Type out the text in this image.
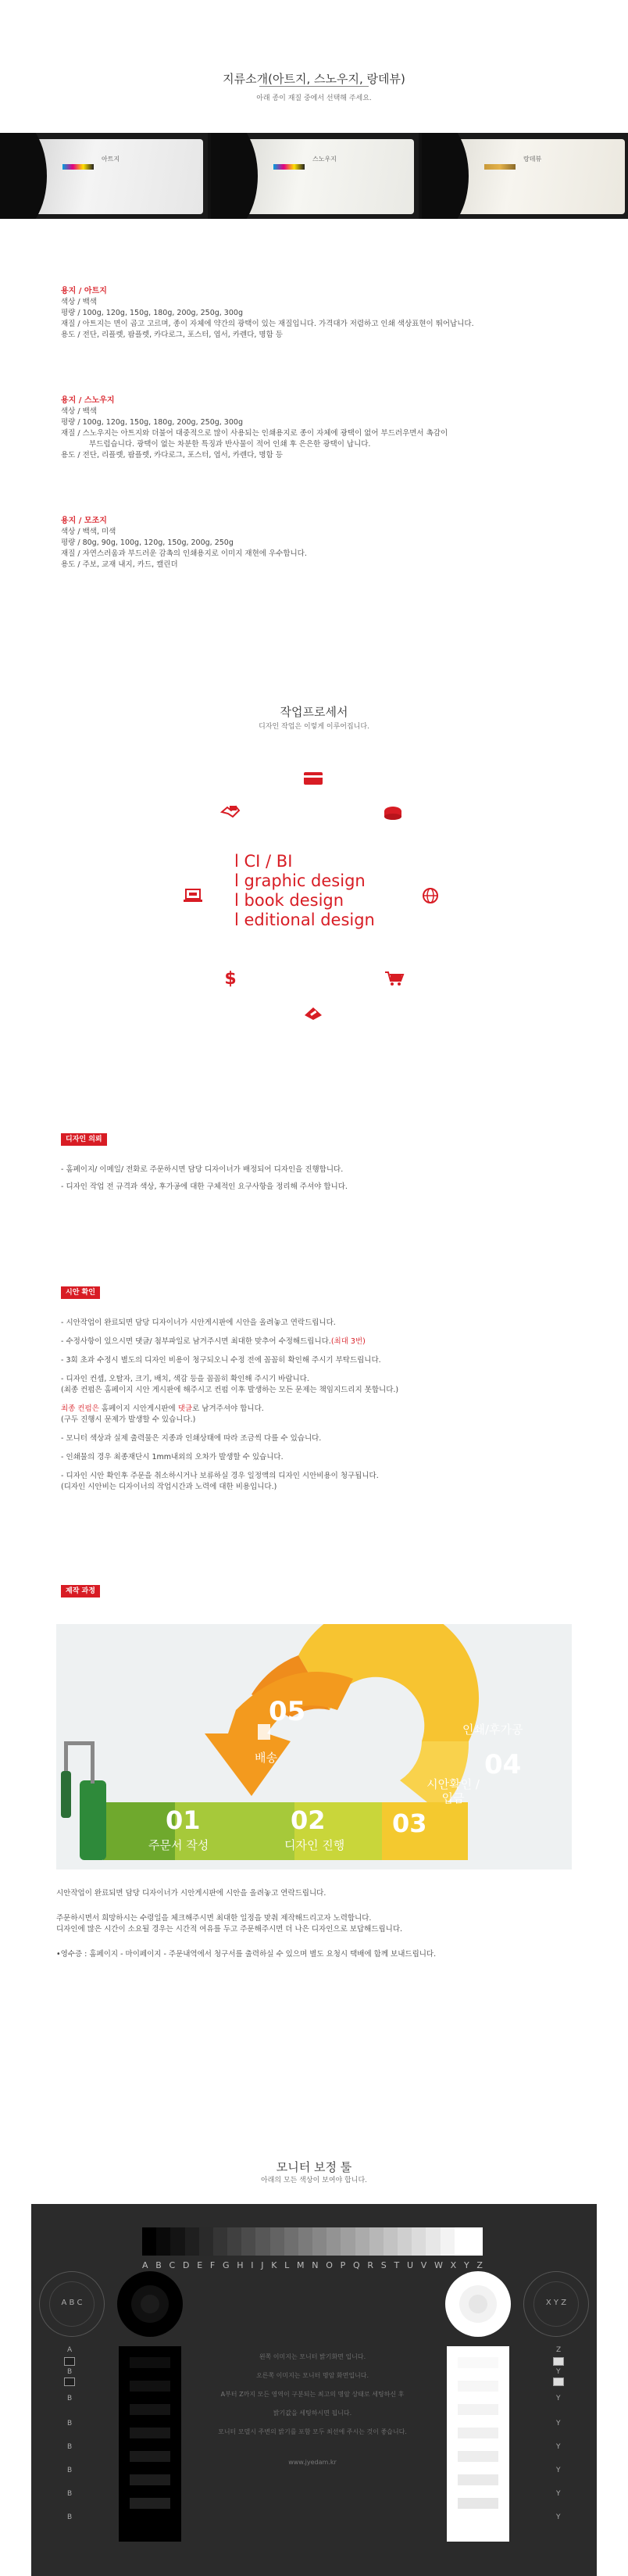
지류소개(아트지, 스노우지, 랑데뷰)
아래 종이 재질 중에서 선택해 주세요.
아트지	스노우지	랑데뷰
용지 / 아트지
색상 / 백색
평량 / 100g, 120g, 150g, 180g, 200g, 250g, 300g
재질 / 아트지는 면이 곱고 고르며, 종이 자체에 약간의 광택이 있는 재질입니다. 가격대가 저렴하고 인쇄 색상표현이 뛰어납니다.
용도 / 전단, 리플렛, 팜플렛, 카다로그, 포스터, 엽서, 카렌다, 명함 등
용지 / 스노우지
색상 / 백색
평량 / 100g, 120g, 150g, 180g, 200g, 250g, 300g
재질 / 스노우지는 아트지와 더불어 대중적으로 많이 사용되는 인쇄용지로 종이 자체에 광택이 없어 부드러우면서 촉감이
부드럽습니다. 광택이 없는 차분한 특징과 반사물이 적어 인쇄 후 은은한 광택이 납니다.
용도 / 전단, 리플렛, 팜플렛, 카다로그, 포스터, 엽서, 카렌다, 명함 등
용지 / 모조지
색상 / 백색, 미색
평량 / 80g, 90g, 100g, 120g, 150g, 200g, 250g
재질 / 자연스러움과 부드러운 감촉의 인쇄용지로 이미지 재현에 우수합니다.
용도 / 주보, 교재 내지, 카드, 캘린더
작업프로세서
디자인 작업은 이렇게 이루어집니다.
$
l CI / BI
l graphic design
l book design
l editional design
디자인 의뢰
- 홈페이지/ 이메일/ 전화로 주문하시면 담당 디자이너가 배정되어 디자인을 진행합니다.
- 디자인 작업 전 규격과 색상, 후가공에 대한 구체적인 요구사항을 정리해 주셔야 합니다.
시안 확인
- 시안작업이 완료되면 담당 디자이너가 시안게시판에 시안을 올려놓고 연락드립니다.
- 수정사항이 있으시면 댓글/ 첨부파일로 남겨주시면 최대한 맞추어 수정해드립니다.(최대 3번)
- 3회 초과 수정시 별도의 디자인 비용이 청구되오니 수정 전에 꼼꼼히 확인해 주시기 부탁드립니다.
- 디자인 컨셉, 오탈자, 크기, 배치, 색감 등을 꼼꼼히 확인해 주시기 바랍니다.
(최종 컨펌은 홈페이지 시안 게시판에 해주시고 컨펌 이후 발생하는 모든 문제는 책임지드리지 못합니다.)
최종 컨펌은 홈페이지 시안게시판에 댓글로 남겨주셔야 합니다.
(구두 진행시 문제가 발생할 수 있습니다.)
- 모니터 색상과 실제 출력물은 지종과 인쇄상태에 따라 조금씩 다를 수 있습니다.
- 인쇄물의 경우 최종재단시 1mm내외의 오차가 발생할 수 있습니다.
- 디자인 시안 확인후 주문을 취소하시거나 보류하실 경우 일정액의 디자인 시안비용이 청구됩니다.
(디자인 시안비는 디자이너의 작업시간과 노력에 대한 비용입니다.)
제작 과정
05
배송	04
인쇄/후가공
01
주문서 작성
02
디자인 진행
03
시안확인 /입금
시안작업이 완료되면 담당 디자이너가 시안게시판에 시안을 올려놓고 연락드립니다.
주문하시면서 희망하시는 수령일을 체크해주시면 최대한 일정을 맞춰 제작해드리고자 노력합니다.
디자인에 많은 시간이 소요될 경우는 시간적 여유를 두고 주문해주시면 더 나은 디자인으로 보답해드립니다.
•영수증 : 홈페이지 - 마이페이지 - 주문내역에서 청구서를 출력하실 수 있으며 별도 요청시 택배에 함께 보내드립니다.
모니터 보정 툴
아래의 모든 색상이 보여야 합니다.
A B C D E F G H I J K L M N O P Q R S T U V W X Y Z
A B C	X Y Z
A
B
B
B
B
B
B
B
왼쪽 이미지는 모니터 밝기화면 입니다.
오른쪽 이미지는 모니터 명암 화면입니다.
A부터 Z까지 모든 영역이 구분되는 최고의 명암 상태로 세팅하신 후
밝기값을 세팅하시면 됩니다.
모니터 모델시 주변의 밝기를 포함 모두 최선에 주시는 것이 좋습니다.
www.jyedam.kr
Z
Y
Y
Y
Y
Y
Y
Y
